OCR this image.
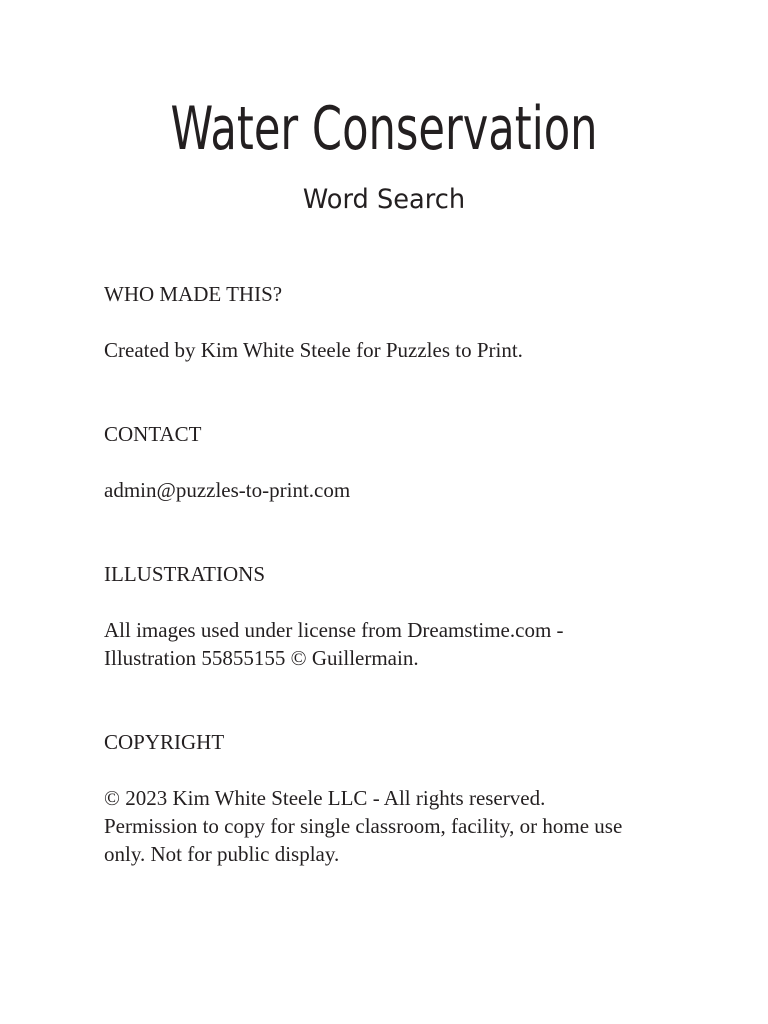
Water Conservation
Word Search

WHO MADE THIS?

Created by Kim White Steele for Puzzles to Print.

CONTACT

admin@puzzles-to-print.com

ILLUSTRATIONS

All images used under license from Dreamstime.com -
Illustration 55855155 © Guillermain.

COPYRIGHT

© 2023 Kim White Steele LLC - All rights reserved.
Permission to copy for single classroom, facility, or home use
only. Not for public display.
